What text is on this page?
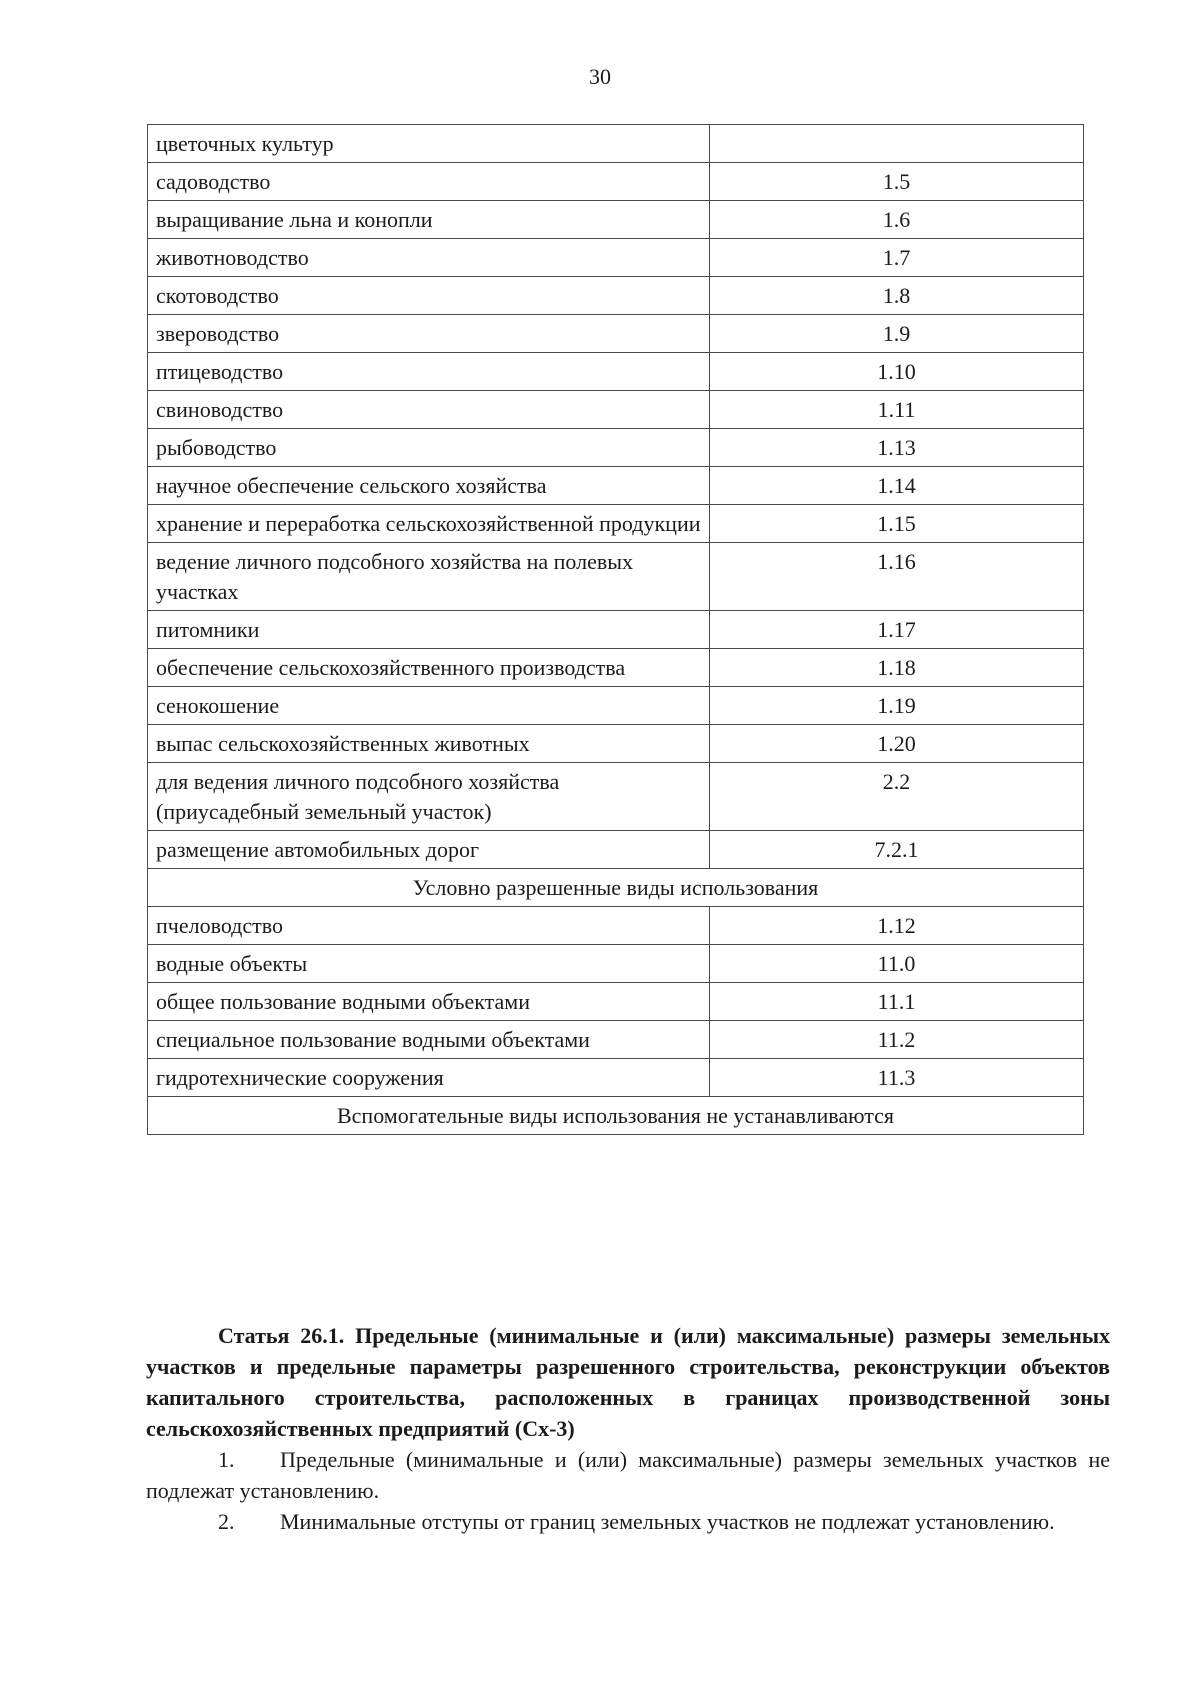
30
цветочных культур	
садоводство	1.5
выращивание льна и конопли	1.6
животноводство	1.7
скотоводство	1.8
звероводство	1.9
птицеводство	1.10
свиноводство	1.11
рыбоводство	1.13
научное обеспечение сельского хозяйства	1.14
хранение и переработка сельскохозяйственной продукции	1.15
ведение личного подсобного хозяйства на полевых участках	1.16
питомники	1.17
обеспечение сельскохозяйственного производства	1.18
сенокошение	1.19
выпас сельскохозяйственных животных	1.20
для ведения личного подсобного хозяйства (приусадебный земельный участок)	2.2
размещение автомобильных дорог	7.2.1
Условно разрешенные виды использования	
пчеловодство	1.12
водные объекты	11.0
общее пользование водными объектами	11.1
специальное пользование водными объектами	11.2
гидротехнические сооружения	11.3
Вспомогательные виды использования не устанавливаются	

Статья 26.1. Предельные (минимальные и (или) максимальные) размеры земельных участков и предельные параметры разрешенного строительства, реконструкции объектов капитального строительства, расположенных в границах производственной зоны сельскохозяйственных предприятий (Сх-3)

1. Предельные (минимальные и (или) максимальные) размеры земельных участков не подлежат установлению.

2. Минимальные отступы от границ земельных участков не подлежат установлению.
